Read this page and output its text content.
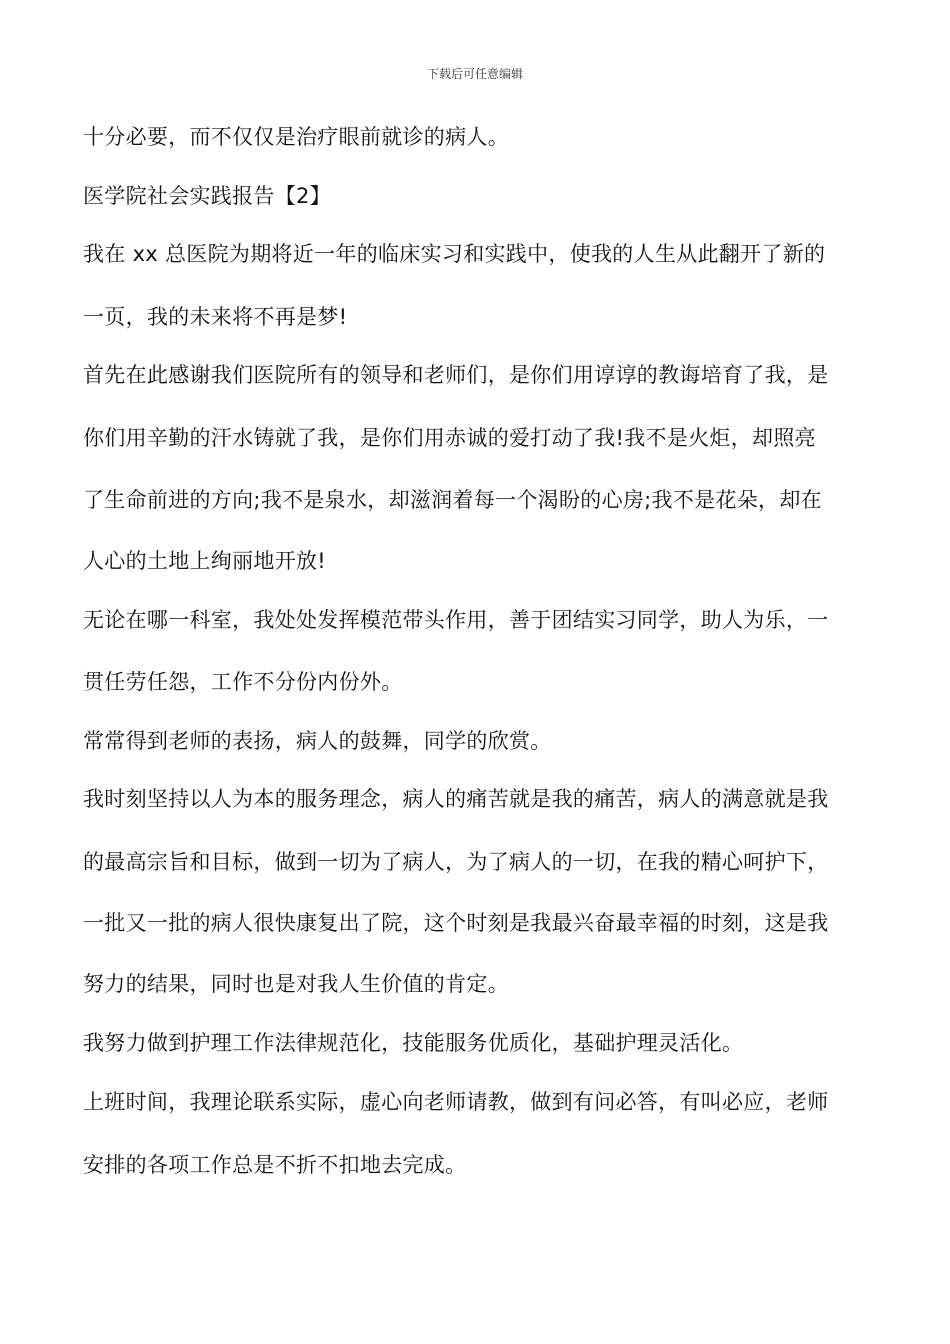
下载后可任意编辑
十分必要，而不仅仅是治疗眼前就诊的病人。
医学院社会实践报告【2】
我在 xx 总医院为期将近一年的临床实习和实践中，使我的人生从此翻开了新的
一页，我的未来将不再是梦!
首先在此感谢我们医院所有的领导和老师们，是你们用谆谆的教诲培育了我，是
你们用辛勤的汗水铸就了我，是你们用赤诚的爱打动了我!我不是火炬，却照亮
了生命前进的方向;我不是泉水，却滋润着每一个渴盼的心房;我不是花朵，却在
人心的土地上绚丽地开放!
无论在哪一科室，我处处发挥模范带头作用，善于团结实习同学，助人为乐，一
贯任劳任怨，工作不分份内份外。
常常得到老师的表扬，病人的鼓舞，同学的欣赏。
我时刻坚持以人为本的服务理念，病人的痛苦就是我的痛苦，病人的满意就是我
的最高宗旨和目标，做到一切为了病人，为了病人的一切，在我的精心呵护下，
一批又一批的病人很快康复出了院，这个时刻是我最兴奋最幸福的时刻，这是我
努力的结果，同时也是对我人生价值的肯定。
我努力做到护理工作法律规范化，技能服务优质化，基础护理灵活化。
上班时间，我理论联系实际，虚心向老师请教，做到有问必答，有叫必应，老师
安排的各项工作总是不折不扣地去完成。
